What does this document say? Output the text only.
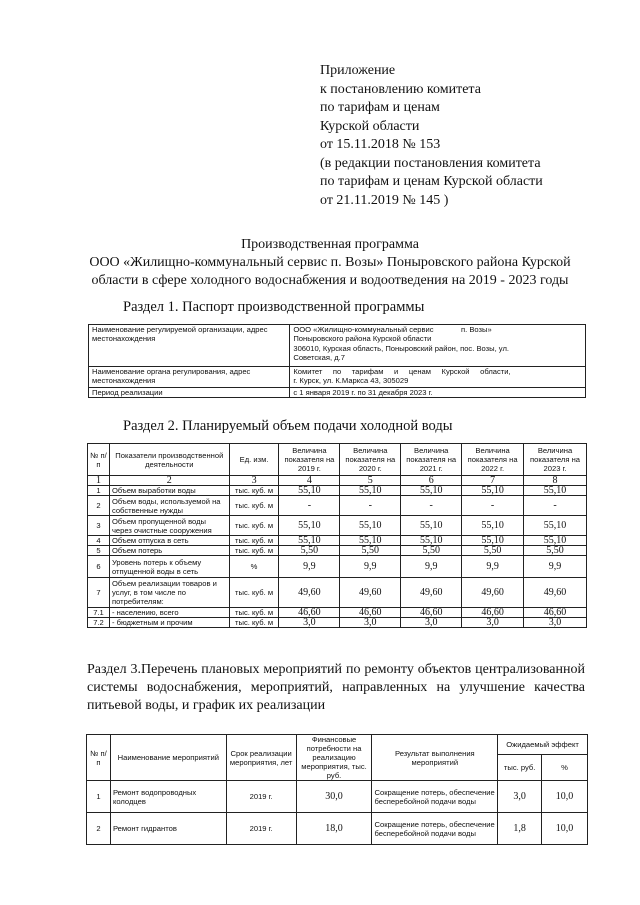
Приложение
к постановлению комитета
по тарифам и ценам
Курской области
от 15.11.2018 № 153
(в редакции постановления комитета
по тарифам и ценам Курской области
от 21.11.2019 № 145 )
Производственная программа
ООО «Жилищно-коммунальный сервис п. Возы» Поныровского района Курской
области в сфере холодного водоснабжения и водоотведения на 2019 - 2023 годы
Раздел 1. Паспорт производственной программы
Наименование регулируемой организации, адрес местонахождения	ООО «Жилищно-коммунальный сервис             п. Возы»
Поныровского района Курской области
306010, Курская область, Поныровский район, пос. Возы, ул.
Советская, д.7

Наименование органа регулирования, адрес местонахождения	Комитет     по     тарифам     и     ценам     Курской     области,
г. Курск, ул. К.Маркса 43, 305029

Период реализации	с 1 января 2019 г. по 31 декабря 2023 г.
Раздел 2. Планируемый объем подачи холодной воды
№ п/п	Показатели производственной деятельности	Ед. изм.	Величина показателя на 2019 г.	Величина показателя на 2020 г.	Величина показателя на 2021 г.	Величина показателя на 2022 г.	Величина показателя на 2023 г.
1	2	3	4	5	6	7	8
1	Объем выработки воды	тыс. куб. м	55,10	55,10	55,10	55,10	55,10
2	Объем воды, используемой на собственные нужды	тыс. куб. м	-	-	-	-	-
3	Объем пропущенной воды через очистные сооружения	тыс. куб. м	55,10	55,10	55,10	55,10	55,10
4	Объем отпуска в сеть	тыс. куб. м	55,10	55,10	55,10	55,10	55,10
5	Объем потерь	тыс. куб. м	5,50	5,50	5,50	5,50	5,50
6	Уровень потерь к объему отпущенной воды в сеть	%	9,9	9,9	9,9	9,9	9,9
7	Объем реализации товаров и услуг, в том числе по потребителям:	тыс. куб. м	49,60	49,60	49,60	49,60	49,60
7.1	- населению, всего	тыс. куб. м	46,60	46,60	46,60	46,60	46,60
7.2	- бюджетным и прочим	тыс. куб. м	3,0	3,0	3,0	3,0	3,0
Раздел 3.Перечень плановых мероприятий по ремонту объектов централизованной системы водоснабжения, мероприятий, направленных на улучшение качества питьевой воды, и график их реализации
№ п/ п	Наименование мероприятий	Срок реализации мероприятия, лет	Финансовые потребности на реализацию мероприятия, тыс. руб.	Результат выполнения мероприятий	Ожидаемый эффект	
					тыс. руб.	%
1	Ремонт водопроводных колодцев	2019 г.	30,0	Сокращение потерь, обеспечение бесперебойной подачи воды	3,0	10,0
2	Ремонт гидрантов	2019 г.	18,0	Сокращение потерь, обеспечение бесперебойной подачи воды	1,8	10,0
